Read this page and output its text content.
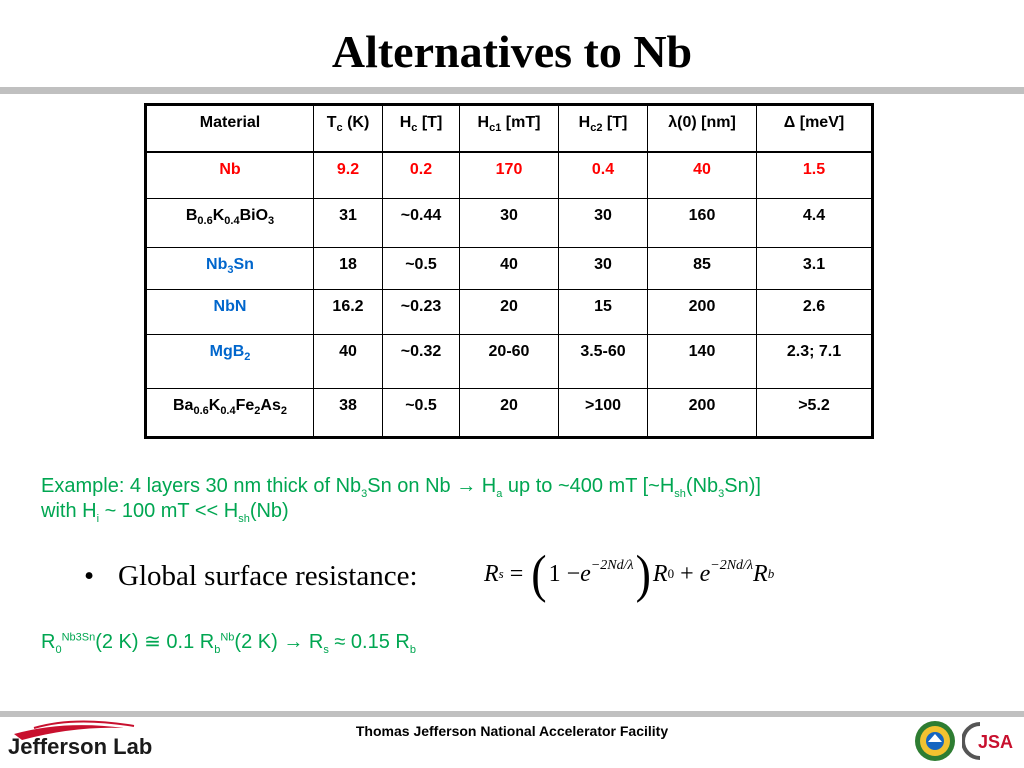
Alternatives to Nb
Material	$T_c$ (K)	$H_c$ [T]	$H_{c1}$ [mT]	$H_{c2}$ [T]	λ(0) [nm]	Δ [meV]
Nb	9.2	0.2	170	0.4	40	1.5
$B_{0.6}K_{0.4}BiO_3$	31	~0.44	30	30	160	4.4
$Nb_3Sn$	18	~0.5	40	30	85	3.1
NbN	16.2	~0.23	20	15	200	2.6
MgB$_2$	40	~0.32	20-60	3.5-60	140	2.3; 7.1
$Ba_{0.6}K_{0.4}Fe_2As_2$	38	~0.5	20	>100	200	>5.2
Example: 4 layers 30 nm thick of $Nb_3Sn$ on $Nb \to H_a$ up to ~400 mT $[\sim H_{sh}(Nb_3Sn)]$
with $H_i$ ~ 100 mT << $H_{sh}(Nb)$
• Global surface resistance:	R s = ( $1 - e^{-2Nd/\lambda}$ ) R $0 + e^{-2Nd/\lambda}$ R b
$R_0^{Nb3Sn}(2$ K) ≅ 0.1 $R_b^{Nb}(2$ $K) \to R_s \approx 0.15$ $R_b$
Jefferson Lab
Thomas Jefferson National Accelerator Facility
JSA
